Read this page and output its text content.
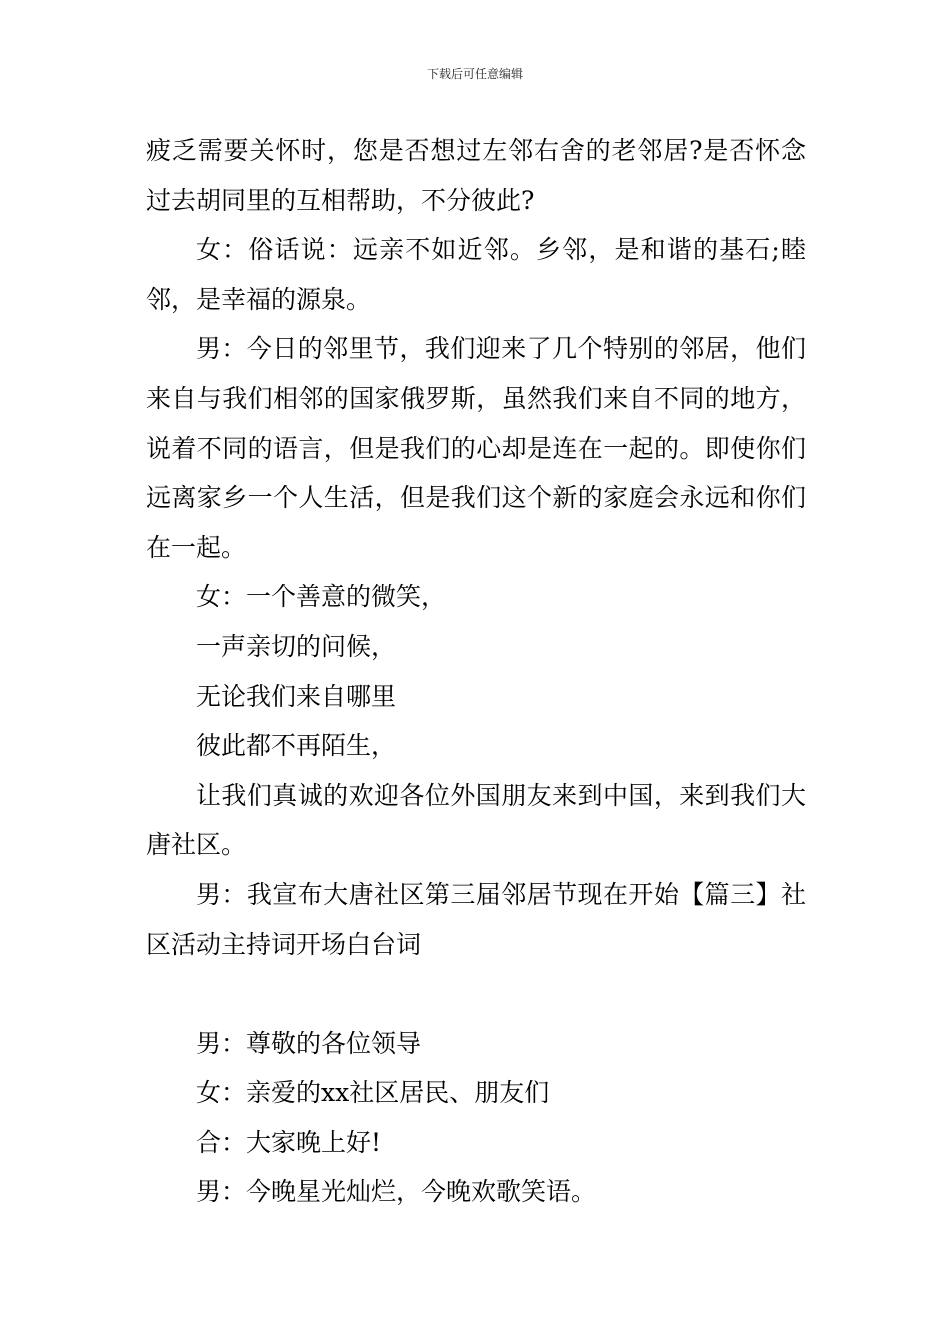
下载后可任意编辑

疲乏需要关怀时，您是否想过左邻右舍的老邻居?是否怀念过去胡同里的互相帮助，不分彼此?

女：俗话说：远亲不如近邻。乡邻，是和谐的基石;睦邻，是幸福的源泉。

男：今日的邻里节，我们迎来了几个特别的邻居，他们来自与我们相邻的国家俄罗斯，虽然我们来自不同的地方，说着不同的语言，但是我们的心却是连在一起的。即使你们远离家乡一个人生活，但是我们这个新的家庭会永远和你们在一起。

女：一个善意的微笑，

一声亲切的问候，

无论我们来自哪里

彼此都不再陌生，

让我们真诚的欢迎各位外国朋友来到中国，来到我们大唐社区。

男：我宣布大唐社区第三届邻居节现在开始【篇三】社区活动主持词开场白台词

男：尊敬的各位领导

女：亲爱的xx社区居民、朋友们

合：大家晚上好!

男：今晚星光灿烂，今晚欢歌笑语。
